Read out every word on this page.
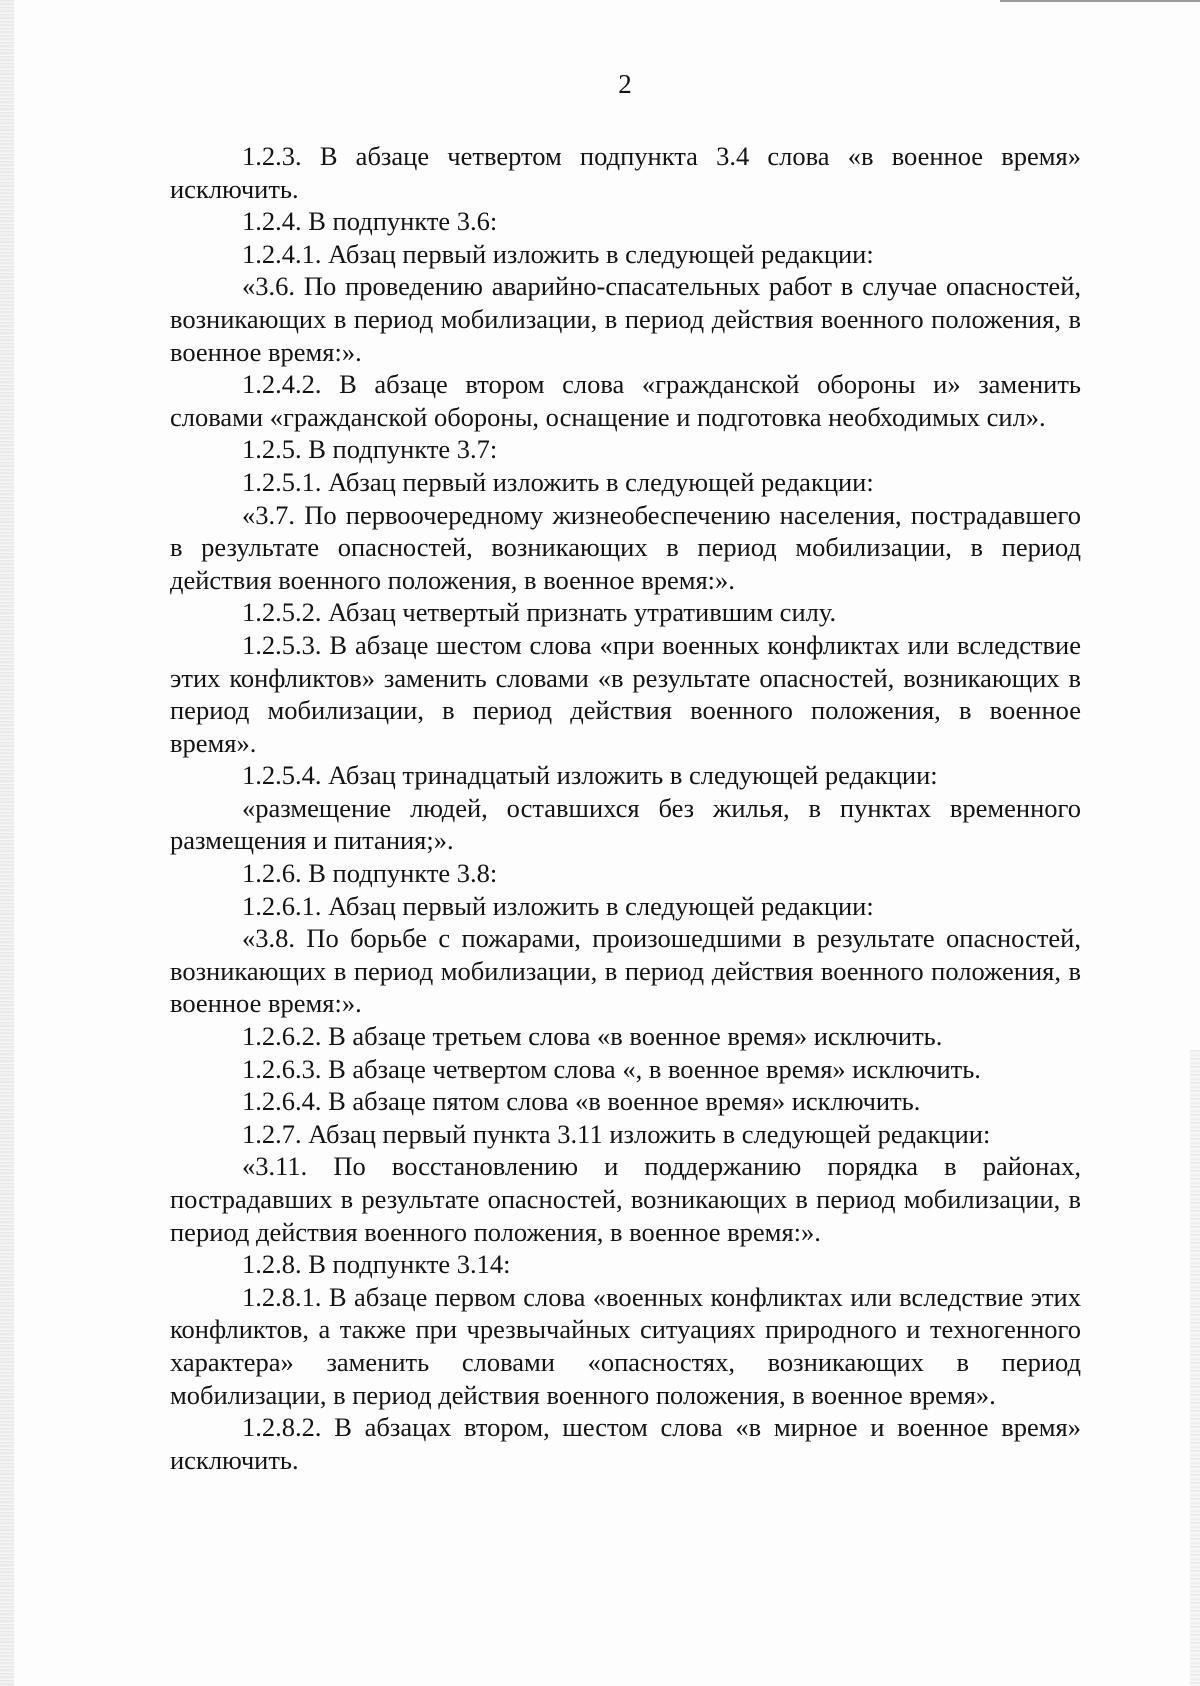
2

1.2.3. В абзаце четвертом подпункта 3.4 слова «в военное время» исключить.

1.2.4. В подпункте 3.6:

1.2.4.1. Абзац первый изложить в следующей редакции:

«3.6. По проведению аварийно-спасательных работ в случае опасностей, возникающих в период мобилизации, в период действия военного положения, в военное время:».

1.2.4.2. В абзаце втором слова «гражданской обороны и» заменить словами «гражданской обороны, оснащение и подготовка необходимых сил».

1.2.5. В подпункте 3.7:

1.2.5.1. Абзац первый изложить в следующей редакции:

«3.7. По первоочередному жизнеобеспечению населения, пострадавшего в результате опасностей, возникающих в период мобилизации, в период действия военного положения, в военное время:».

1.2.5.2. Абзац четвертый признать утратившим силу.

1.2.5.3. В абзаце шестом слова «при военных конфликтах или вследствие этих конфликтов» заменить словами «в результате опасностей, возникающих в период мобилизации, в период действия военного положения, в военное время».

1.2.5.4. Абзац тринадцатый изложить в следующей редакции:

«размещение людей, оставшихся без жилья, в пунктах временного размещения и питания;».

1.2.6. В подпункте 3.8:

1.2.6.1. Абзац первый изложить в следующей редакции:

«3.8. По борьбе с пожарами, произошедшими в результате опасностей, возникающих в период мобилизации, в период действия военного положения, в военное время:».

1.2.6.2. В абзаце третьем слова «в военное время» исключить.

1.2.6.3. В абзаце четвертом слова «, в военное время» исключить.

1.2.6.4. В абзаце пятом слова «в военное время» исключить.

1.2.7. Абзац первый пункта 3.11 изложить в следующей редакции:

«3.11. По восстановлению и поддержанию порядка в районах, пострадавших в результате опасностей, возникающих в период мобилизации, в период действия военного положения, в военное время:».

1.2.8. В подпункте 3.14:

1.2.8.1. В абзаце первом слова «военных конфликтах или вследствие этих конфликтов, а также при чрезвычайных ситуациях природного и техногенного характера» заменить словами «опасностях, возникающих в период мобилизации, в период действия военного положения, в военное время».

1.2.8.2. В абзацах втором, шестом слова «в мирное и военное время» исключить.
